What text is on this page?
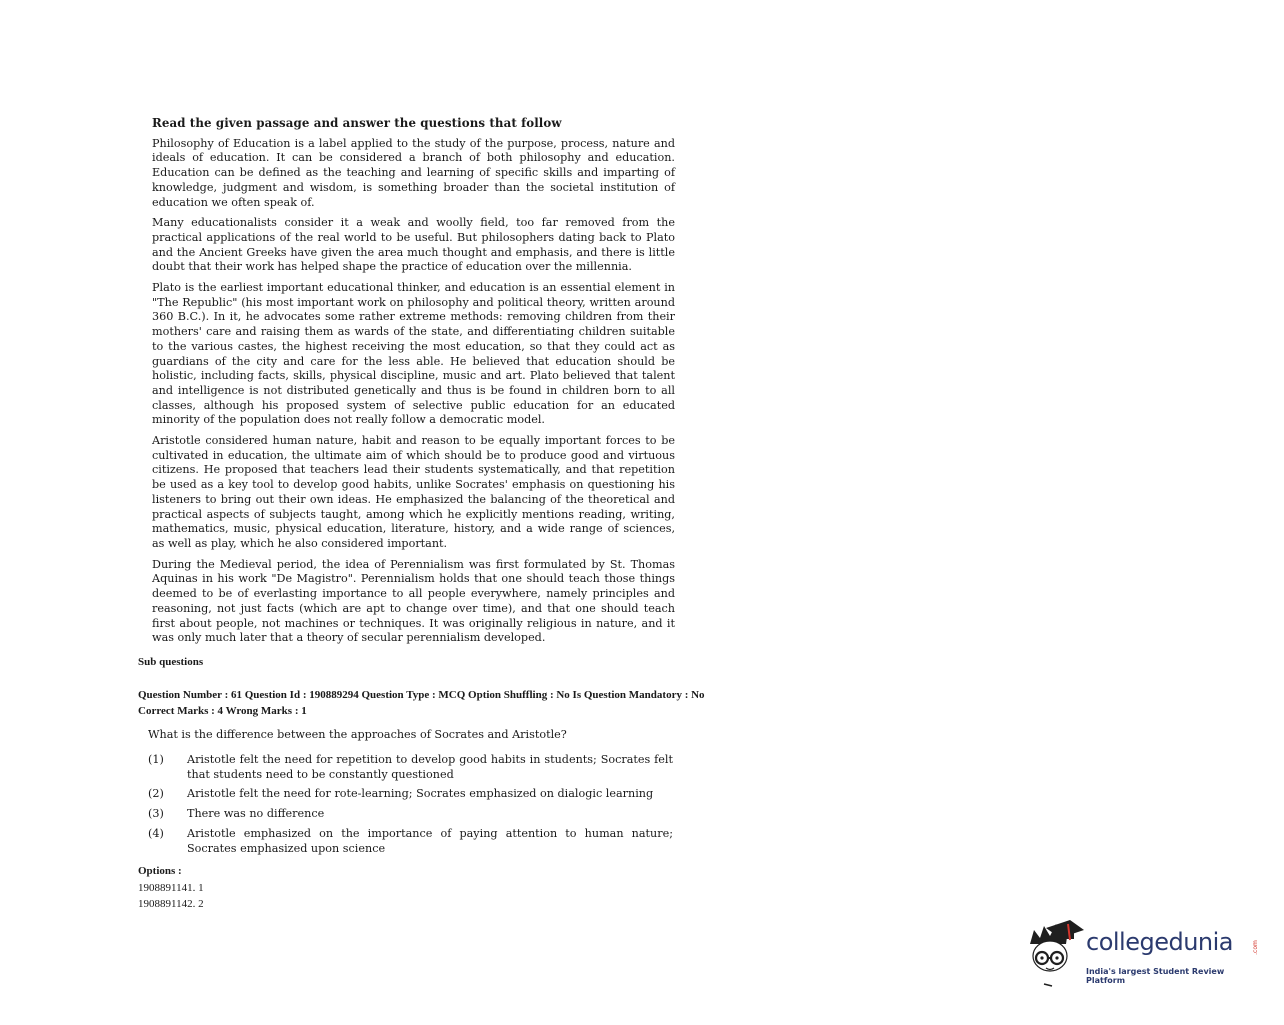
Read the given passage and answer the questions that follow

Philosophy of Education is a label applied to the study of the purpose, process, nature and ideals of education. It can be considered a branch of both philosophy and education. Education can be defined as the teaching and learning of specific skills and imparting of knowledge, judgment and wisdom, is something broader than the societal institution of education we often speak of.

Many educationalists consider it a weak and woolly field, too far removed from the practical applications of the real world to be useful. But philosophers dating back to Plato and the Ancient Greeks have given the area much thought and emphasis, and there is little doubt that their work has helped shape the practice of education over the millennia.

Plato is the earliest important educational thinker, and education is an essential element in "The Republic" (his most important work on philosophy and political theory, written around 360 B.C.). In it, he advocates some rather extreme methods: removing children from their mothers' care and raising them as wards of the state, and differentiating children suitable to the various castes, the highest receiving the most education, so that they could act as guardians of the city and care for the less able. He believed that education should be holistic, including facts, skills, physical discipline, music and art. Plato believed that talent and intelligence is not distributed genetically and thus is be found in children born to all classes, although his proposed system of selective public education for an educated minority of the population does not really follow a democratic model.

Aristotle considered human nature, habit and reason to be equally important forces to be cultivated in education, the ultimate aim of which should be to produce good and virtuous citizens. He proposed that teachers lead their students systematically, and that repetition be used as a key tool to develop good habits, unlike Socrates' emphasis on questioning his listeners to bring out their own ideas. He emphasized the balancing of the theoretical and practical aspects of subjects taught, among which he explicitly mentions reading, writing, mathematics, music, physical education, literature, history, and a wide range of sciences, as well as play, which he also considered important.

During the Medieval period, the idea of Perennialism was first formulated by St. Thomas Aquinas in his work "De Magistro". Perennialism holds that one should teach those things deemed to be of everlasting importance to all people everywhere, namely principles and reasoning, not just facts (which are apt to change over time), and that one should teach first about people, not machines or techniques. It was originally religious in nature, and it was only much later that a theory of secular perennialism developed.

Sub questions
Question Number : 61 Question Id : 190889294 Question Type : MCQ Option Shuffling : No Is Question Mandatory : No
Correct Marks : 4 Wrong Marks : 1
What is the difference between the approaches of Socrates and Aristotle?
(1)	Aristotle felt the need for repetition to develop good habits in students; Socrates felt that students need to be constantly questioned
(2)	Aristotle felt the need for rote-learning; Socrates emphasized on dialogic learning
(3)	There was no difference
(4)	Aristotle emphasized on the importance of paying attention to human nature; Socrates emphasized upon science
Options :
1908891141. 1
1908891142. 2
collegedunia	.com
India's largest Student Review Platform
